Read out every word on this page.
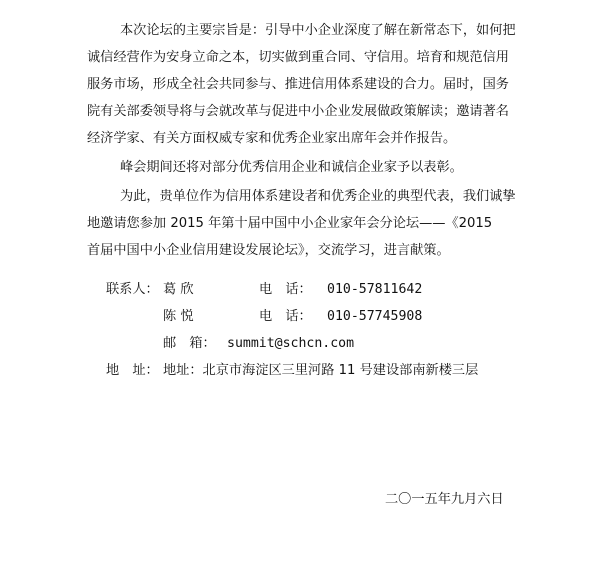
本次论坛的主要宗旨是：引导中小企业深度了解在新常态下，如何把
诚信经营作为安身立命之本，切实做到重合同、守信用。培育和规范信用
服务市场，形成全社会共同参与、推进信用体系建设的合力。届时，国务
院有关部委领导将与会就改革与促进中小企业发展做政策解读；邀请著名
经济学家、有关方面权威专家和优秀企业家出席年会并作报告。
峰会期间还将对部分优秀信用企业和诚信企业家予以表彰。
为此，贵单位作为信用体系建设者和优秀企业的典型代表，我们诚挚
地邀请您参加 2015 年第十届中国中小企业家年会分论坛——《2015
首届中国中小企业信用建设发展论坛》，交流学习，进言献策。
联系人： 葛 欣	电　话： 010-57811642
陈 悦	电　话： 010-57745908
邮　箱： summit@schcn.com
地　址： 地址：北京市海淀区三里河路 11 号建设部南新楼三层
二〇一五年九月六日
